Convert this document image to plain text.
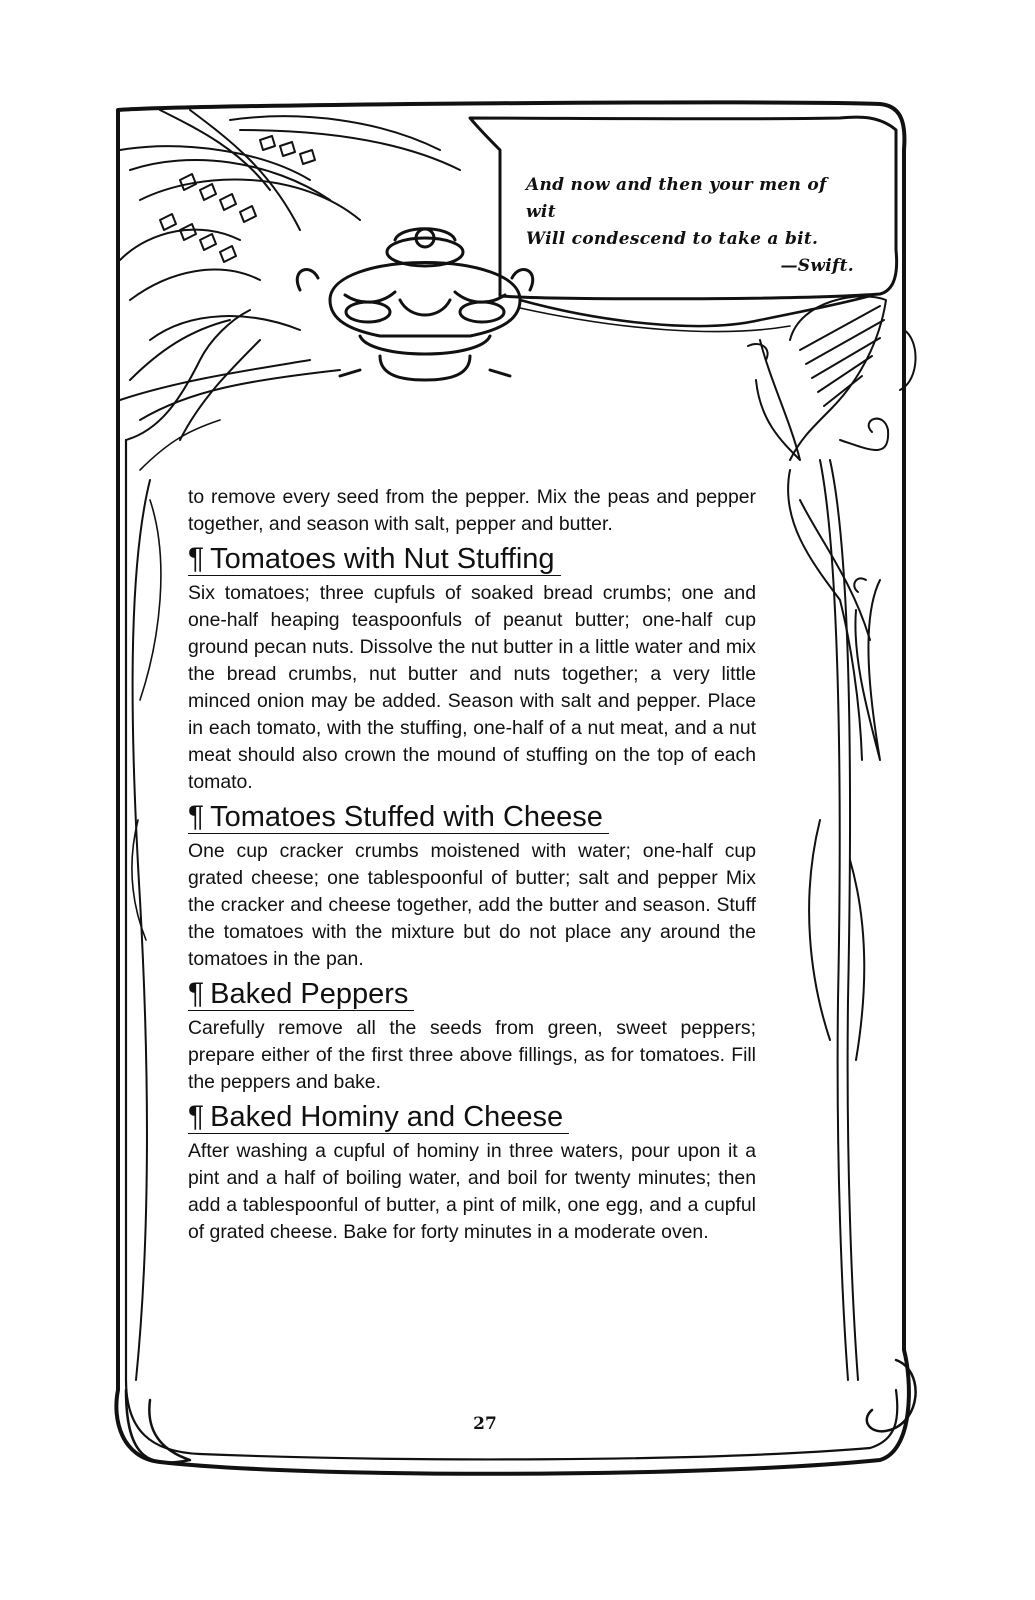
And now and then your men of wit
Will condescend to take a bit.
—Swift.

to remove every seed from the pepper. Mix the peas and pepper together, and season with salt, pepper and butter.

¶ Tomatoes with Nut Stuffing

Six tomatoes; three cupfuls of soaked bread crumbs; one and one-half heaping teaspoonfuls of peanut butter; one-half cup ground pecan nuts. Dissolve the nut butter in a little water and mix the bread crumbs, nut butter and nuts together; a very little minced onion may be added. Season with salt and pepper. Place in each tomato, with the stuffing, one-half of a nut meat, and a nut meat should also crown the mound of stuffing on the top of each tomato.

¶ Tomatoes Stuffed with Cheese

One cup cracker crumbs moistened with water; one-half cup grated cheese; one tablespoonful of butter; salt and pepper Mix the cracker and cheese together, add the butter and season. Stuff the tomatoes with the mixture but do not place any around the tomatoes in the pan.

¶ Baked Peppers

Carefully remove all the seeds from green, sweet peppers; prepare either of the first three above fillings, as for tomatoes. Fill the peppers and bake.

¶ Baked Hominy and Cheese

After washing a cupful of hominy in three waters, pour upon it a pint and a half of boiling water, and boil for twenty minutes; then add a tablespoonful of butter, a pint of milk, one egg, and a cupful of grated cheese. Bake for forty minutes in a moderate oven.

27
